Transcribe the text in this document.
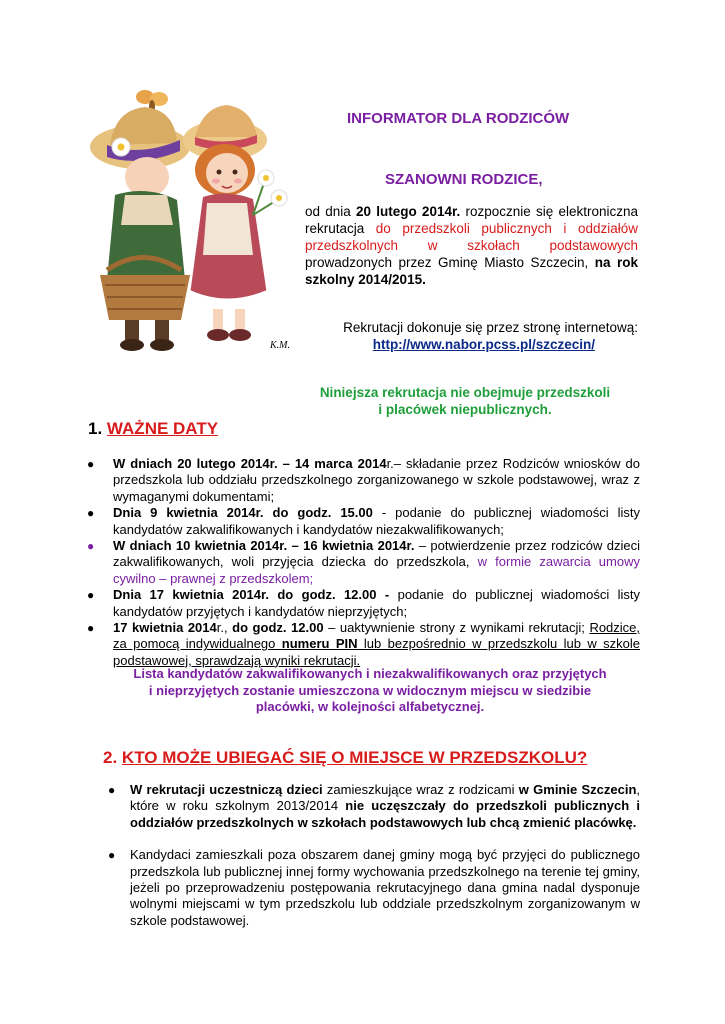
K.M.
INFORMATOR DLA RODZICÓW
SZANOWNI RODZICE,
od dnia 20 lutego 2014r. rozpocznie się elektroniczna rekrutacja do przedszkoli publicznych i oddziałów przedszkolnych w szkołach podstawowych prowadzonych przez Gminę Miasto Szczecin, na rok szkolny 2014/2015.
Rekrutacji dokonuje się przez stronę internetową:
http://www.nabor.pcss.pl/szczecin/
Niniejsza rekrutacja nie obejmuje przedszkoli
i placówek niepublicznych.
1. WAŻNE DATY
● W dniach 20 lutego 2014r. – 14 marca 2014r.– składanie przez Rodziców wniosków do przedszkola lub oddziału przedszkolnego zorganizowanego w szkole podstawowej, wraz z wymaganymi dokumentami;
● Dnia 9 kwietnia 2014r. do godz. 15.00 - podanie do publicznej wiadomości listy kandydatów zakwalifikowanych i kandydatów niezakwalifikowanych;
● W dniach 10 kwietnia 2014r. – 16 kwietnia 2014r. – potwierdzenie przez rodziców dzieci zakwalifikowanych, woli przyjęcia dziecka do przedszkola, w formie zawarcia umowy cywilno – prawnej z przedszkolem;
● Dnia 17 kwietnia 2014r. do godz. 12.00 - podanie do publicznej wiadomości listy kandydatów przyjętych i kandydatów nieprzyjętych;
● 17 kwietnia 2014r., do godz. 12.00 – uaktywnienie strony z wynikami rekrutacji; Rodzice, za pomocą indywidualnego numeru PIN lub bezpośrednio w przedszkolu lub w szkole podstawowej, sprawdzają wyniki rekrutacji.
Lista kandydatów zakwalifikowanych i niezakwalifikowanych oraz przyjętych
i nieprzyjętych zostanie umieszczona w widocznym miejscu w siedzibie
placówki, w kolejności alfabetycznej.
2. KTO MOŻE UBIEGAĆ SIĘ O MIEJSCE W PRZEDSZKOLU?
● W rekrutacji uczestniczą dzieci zamieszkujące wraz z rodzicami w Gminie Szczecin, które w roku szkolnym 2013/2014 nie uczęszczały do przedszkoli publicznych i oddziałów przedszkolnych w szkołach podstawowych lub chcą zmienić placówkę.
● Kandydaci zamieszkali poza obszarem danej gminy mogą być przyjęci do publicznego przedszkola lub publicznej innej formy wychowania przedszkolnego na terenie tej gminy, jeżeli po przeprowadzeniu postępowania rekrutacyjnego dana gmina nadal dysponuje wolnymi miejscami w tym przedszkolu lub oddziale przedszkolnym zorganizowanym w szkole podstawowej.
